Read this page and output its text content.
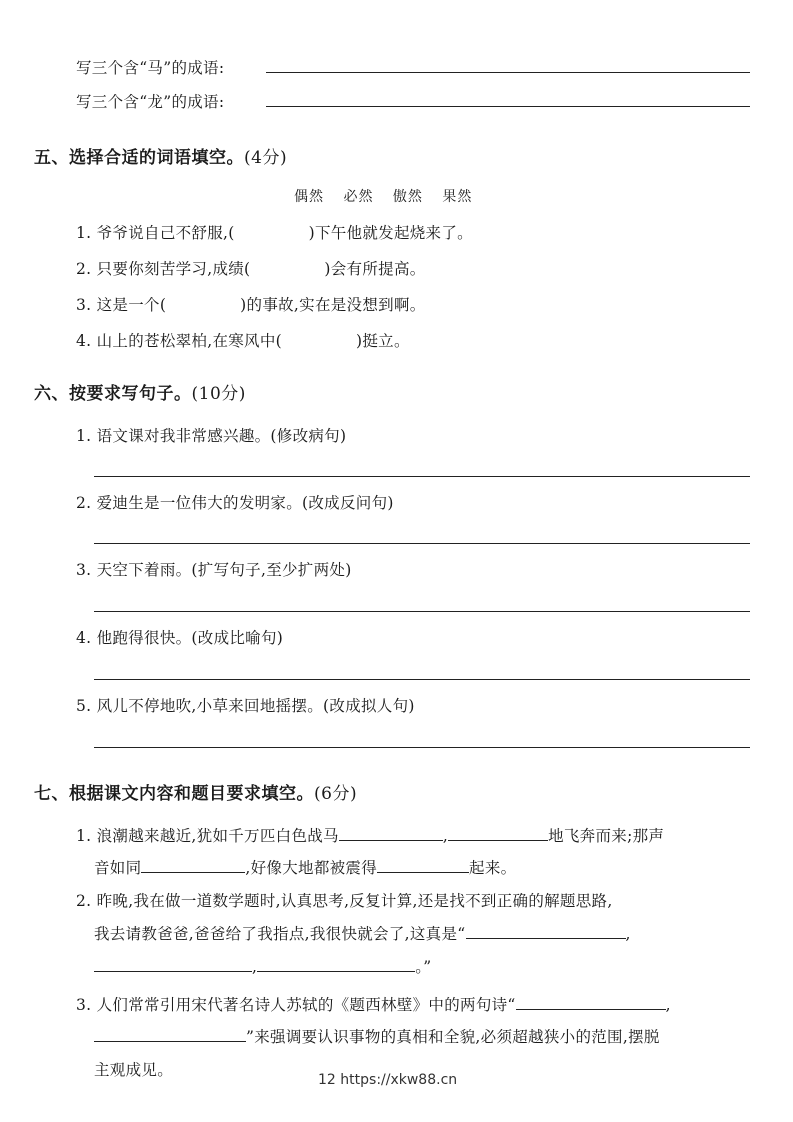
写三个含“马”的成语:
写三个含“龙”的成语:
五、选择合适的词语填空。(4分)
偶然 必然 傲然 果然
1. 爷爷说自己不舒服,(	)下午他就发起烧来了。
2. 只要你刻苦学习,成绩(	)会有所提高。
3. 这是一个(	)的事故,实在是没想到啊。
4. 山上的苍松翠柏,在寒风中(	)挺立。
六、按要求写句子。(10分)
1. 语文课对我非常感兴趣。(修改病句)
2. 爱迪生是一位伟大的发明家。(改成反问句)
3. 天空下着雨。(扩写句子,至少扩两处)
4. 他跑得很快。(改成比喻句)
5. 风儿不停地吹,小草来回地摇摆。(改成拟人句)
七、根据课文内容和题目要求填空。(6分)
1. 浪潮越来越近,犹如千万匹白色战马	,	地飞奔而来;那声
音如同	,好像大地都被震得	起来。
2. 昨晚,我在做一道数学题时,认真思考,反复计算,还是找不到正确的解题思路,
我去请教爸爸,爸爸给了我指点,我很快就会了,这真是“	,
,	。”
3. 人们常常引用宋代著名诗人苏轼的《题西林壁》中的两句诗“	,
”来强调要认识事物的真相和全貌,必须超越狭小的范围,摆脱
主观成见。
12 https://xkw88.cn
